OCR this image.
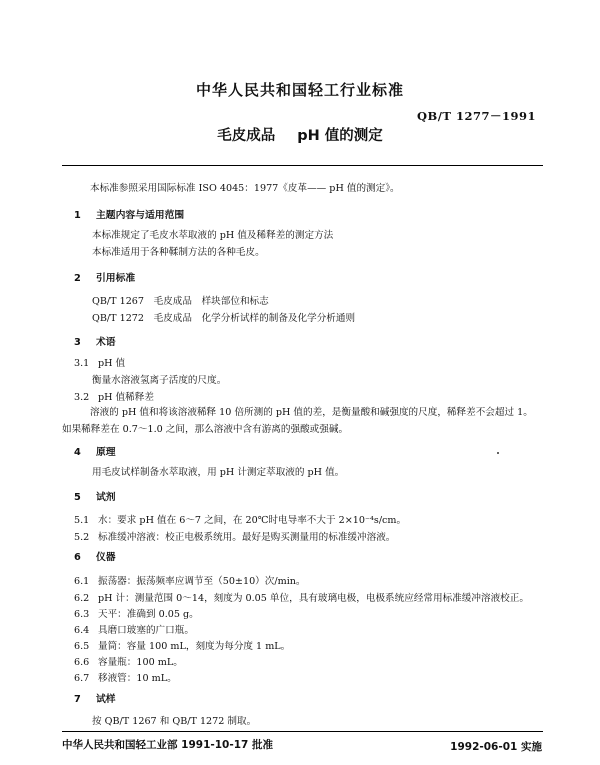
中华人民共和国轻工行业标准
QB/T 1277－1991
毛皮成品 pH 值的测定
本标准参照采用国际标准 ISO 4045：1977《皮革—— pH 值的测定》。
1 主题内容与适用范围
本标准规定了毛皮水萃取液的 pH 值及稀释差的测定方法
本标准适用于各种鞣制方法的各种毛皮。
2 引用标准
QB/T 1267　毛皮成品　样块部位和标志
QB/T 1272　毛皮成品　化学分析试样的制备及化学分析通则
3 术语
3.1 pH 值
衡量水溶液氢离子活度的尺度。
3.2 pH 值稀释差
溶液的 pH 值和将该溶液稀释 10 倍所测的 pH 值的差，是衡量酸和碱强度的尺度，稀释差不会超过 1。如果稀释差在 0.7～1.0 之间，那么溶液中含有游离的强酸或强碱。
4 原理
用毛皮试样制备水萃取液，用 pH 计测定萃取液的 pH 值。
5 试剂
5.1 水：要求 pH 值在 6～7 之间，在 20℃时电导率不大于 2×10⁻⁴s/cm。
5.2 标准缓冲溶液：校正电极系统用。最好是购买测量用的标准缓冲溶液。
6 仪器
6.1 振荡器：振荡频率应调节至（50±10）次/min。
6.2 pH 计：测量范围 0～14，刻度为 0.05 单位，具有玻璃电极，电极系统应经常用标准缓冲溶液校正。
6.3 天平：准确到 0.05 g。
6.4 具磨口玻塞的广口瓶。
6.5 量筒：容量 100 mL，刻度为每分度 1 mL。
6.6 容量瓶：100 mL。
6.7 移液管：10 mL。
7 试样
按 QB/T 1267 和 QB/T 1272 制取。
中华人民共和国轻工业部 1991-10-17 批准	1992-06-01 实施
